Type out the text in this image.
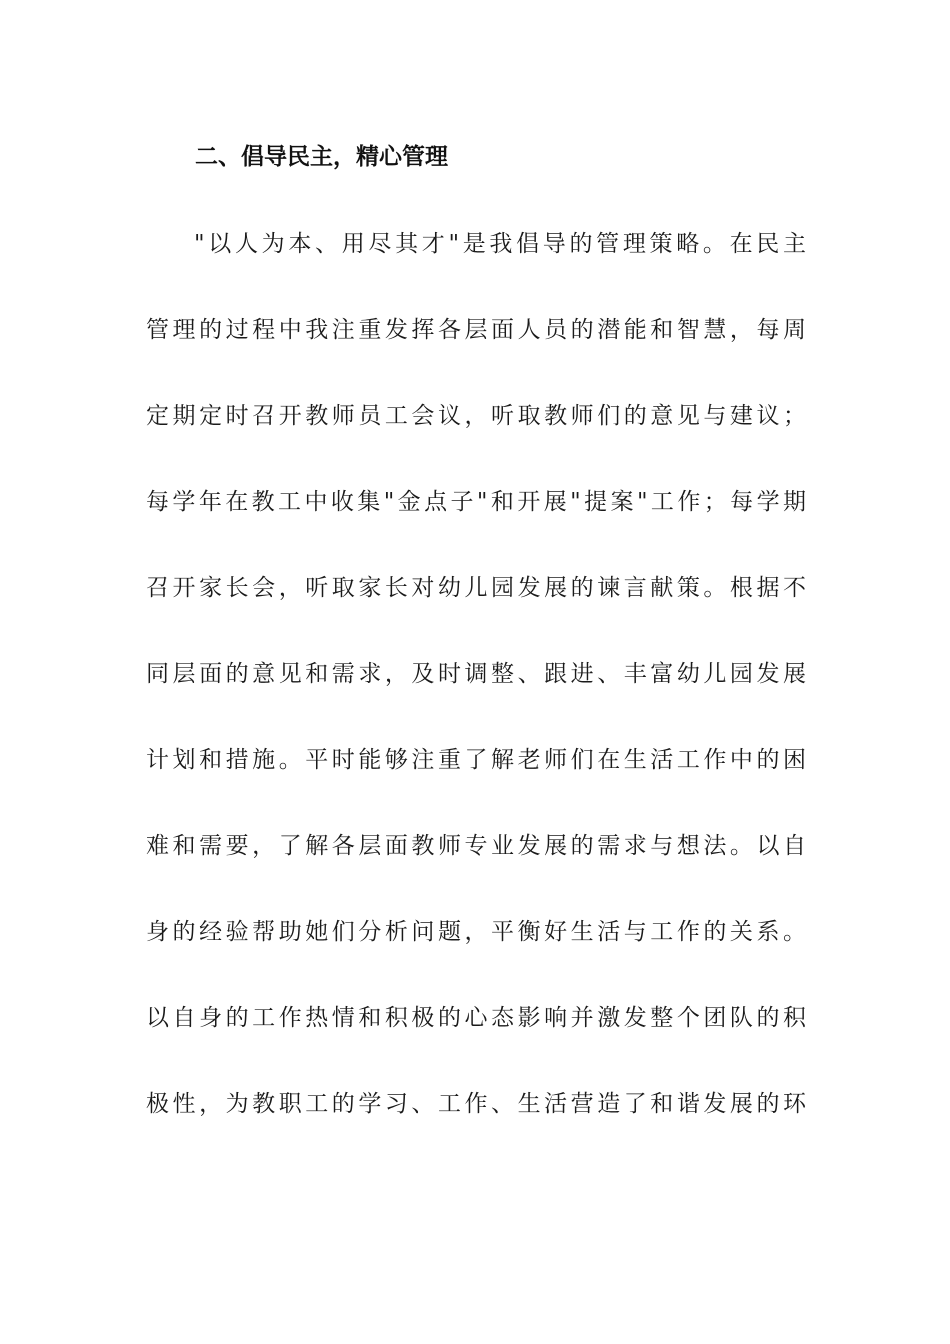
二、倡导民主，精心管理
"以人为本、用尽其才"是我倡导的管理策略。在民主
管理的过程中我注重发挥各层面人员的潜能和智慧，每周
定期定时召开教师员工会议，听取教师们的意见与建议；
每学年在教工中收集"金点子"和开展"提案"工作；每学期
召开家长会，听取家长对幼儿园发展的谏言献策。根据不
同层面的意见和需求，及时调整、跟进、丰富幼儿园发展
计划和措施。平时能够注重了解老师们在生活工作中的困
难和需要，了解各层面教师专业发展的需求与想法。以自
身的经验帮助她们分析问题，平衡好生活与工作的关系。
以自身的工作热情和积极的心态影响并激发整个团队的积
极性，为教职工的学习、工作、生活营造了和谐发展的环
